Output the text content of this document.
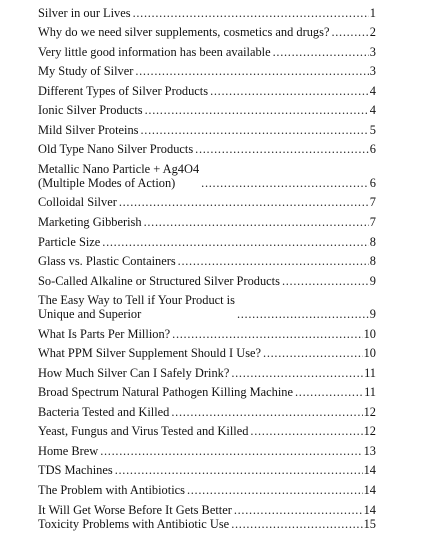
Silver in our Lives . . .	1
Why do we need silver supplements, cosmetics and drugs? . . .	2
Very little good information has been available . . .	3
My Study of Silver . . .	3
Different Types of Silver Products . . .	4
Ionic Silver Products . . .	4
Mild Silver Proteins . . .	5
Old Type Nano Silver Products . . .	6
Metallic Nano Particle + Ag4O4
(Multiple Modes of Action) . . .	6
Colloidal Silver . . .	7
Marketing Gibberish . . .	7
Particle Size . . .	8
Glass vs. Plastic Containers . . .	8
So-Called Alkaline or Structured Silver Products . . .	9
The Easy Way to Tell if Your Product is
Unique and Superior . . .	9
What Is Parts Per Million? . . .	10
What PPM Silver Supplement Should I Use? . . .	10
How Much Silver Can I Safely Drink? . . .	11
Broad Spectrum Natural Pathogen Killing Machine . . .	11
Bacteria Tested and Killed . . .	12
Yeast, Fungus and Virus Tested and Killed . . .	12
Home Brew . . .	13
TDS Machines . . .	14
The Problem with Antibiotics . . .	14
It Will Get Worse Before It Gets Better . . .	14
Toxicity Problems with Antibiotic Use . . .	15
